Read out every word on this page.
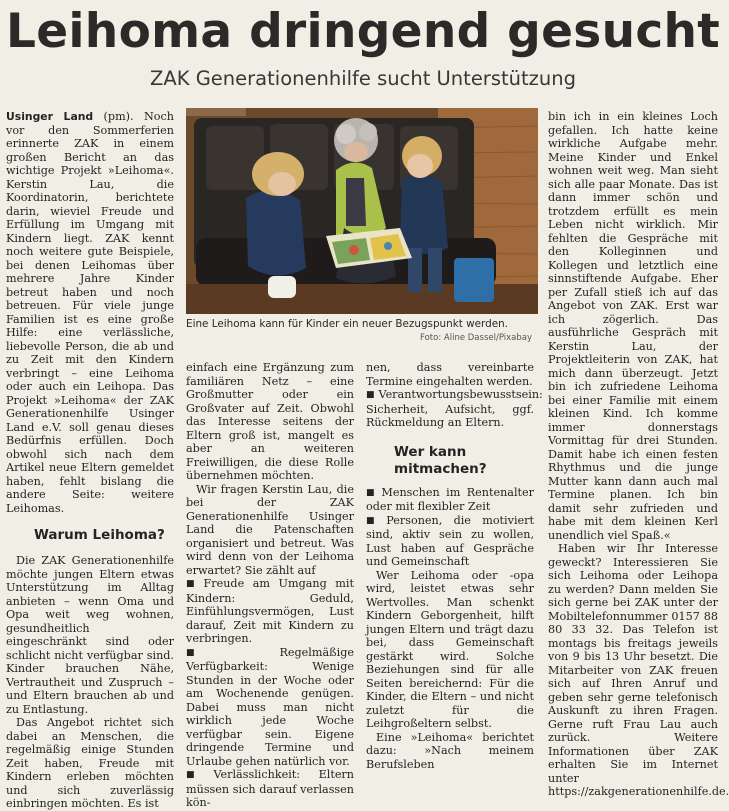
Leihoma dringend gesucht
ZAK Generationenhilfe sucht Unterstützung

Usinger Land (pm). Noch vor den Sommerferien erinnerte ZAK in einem großen Bericht an das wichtige Projekt »Leihoma«. Kerstin Lau, die Koordinatorin, berichtete darin, wieviel Freude und Erfüllung im Umgang mit Kindern liegt. ZAK kennt noch weitere gute Beispiele, bei denen Leihomas über mehrere Jahre Kinder betreut haben und noch betreuen. Für viele junge Familien ist es eine große Hilfe: eine verlässliche, liebevolle Person, die ab und zu Zeit mit den Kindern verbringt – eine Leihoma oder auch ein Leihopa. Das Projekt »Leihoma« der ZAK Generationenhilfe Usinger Land e.V. soll genau dieses Bedürfnis erfüllen. Doch obwohl sich nach dem Artikel neue Eltern gemeldet haben, fehlt bislang die andere Seite: weitere Leihomas.

Warum Leihoma?

Die ZAK Generationenhilfe möchte jungen Eltern etwas Unterstützung im Alltag anbieten – wenn Oma und Opa weit weg wohnen, gesundheitlich eingeschränkt sind oder schlicht nicht verfügbar sind. Kinder brauchen Nähe, Vertrautheit und Zuspruch – und Eltern brauchen ab und zu Entlastung.

Das Angebot richtet sich dabei an Menschen, die regelmäßig einige Stunden Zeit haben, Freude mit Kindern erleben möchten und sich zuverlässig einbringen möchten. Es ist

Eine Leihoma kann für Kinder ein neuer Bezugspunkt werden.
Foto: Aline Dassel/Pixabay

einfach eine Ergänzung zum familiären Netz – eine Großmutter oder ein Großvater auf Zeit. Obwohl das Interesse seitens der Eltern groß ist, mangelt es aber an weiteren Freiwilligen, die diese Rolle übernehmen möchten.

Wir fragen Kerstin Lau, die bei der ZAK Generationenhilfe Usinger Land die Patenschaften organisiert und betreut. Was wird denn von der Leihoma erwartet? Sie zählt auf

■ Freude am Umgang mit Kindern: Geduld, Einfühlungsvermögen, Lust darauf, Zeit mit Kindern zu verbringen.

■ Regelmäßige Verfügbarkeit: Wenige Stunden in der Woche oder am Wochenende genügen. Dabei muss man nicht wirklich jede Woche verfügbar sein. Eigene dringende Termine und Urlaube gehen natürlich vor.

■ Verlässlichkeit: Eltern müssen sich darauf verlassen kön-

nen, dass vereinbarte Termine eingehalten werden.

■ Verantwortungsbewusstsein: Sicherheit, Aufsicht, ggf. Rückmeldung an Eltern.

Wer kann mitmachen?

■ Menschen im Rentenalter oder mit flexibler Zeit

■ Personen, die motiviert sind, aktiv sein zu wollen, Lust haben auf Gespräche und Gemeinschaft

Wer Leihoma oder -opa wird, leistet etwas sehr Wertvolles. Man schenkt Kindern Geborgenheit, hilft jungen Eltern und trägt dazu bei, dass Gemeinschaft gestärkt wird. Solche Beziehungen sind für alle Seiten bereichernd: Für die Kinder, die Eltern – und nicht zuletzt für die Leihgroßeltern selbst.

Eine »Leihoma« berichtet dazu: »Nach meinem Berufsleben

bin ich in ein kleines Loch gefallen. Ich hatte keine wirkliche Aufgabe mehr. Meine Kinder und Enkel wohnen weit weg. Man sieht sich alle paar Monate. Das ist dann immer schön und trotzdem erfüllt es mein Leben nicht wirklich. Mir fehlten die Gespräche mit den Kolleginnen und Kollegen und letztlich eine sinnstiftende Aufgabe. Eher per Zufall stieß ich auf das Angebot von ZAK. Erst war ich zögerlich. Das ausführliche Gespräch mit Kerstin Lau, der Projektleiterin von ZAK, hat mich dann überzeugt. Jetzt bin ich zufriedene Leihoma bei einer Familie mit einem kleinen Kind. Ich komme immer donnerstags Vormittag für drei Stunden. Damit habe ich einen festen Rhythmus und die junge Mutter kann dann auch mal Termine planen. Ich bin damit sehr zufrieden und habe mit dem kleinen Kerl unendlich viel Spaß.«

Haben wir Ihr Interesse geweckt? Interessieren Sie sich Leihoma oder Leihopa zu werden? Dann melden Sie sich gerne bei ZAK unter der Mobiltelefonnummer 0157 88 80 33 32. Das Telefon ist montags bis freitags jeweils von 9 bis 13 Uhr besetzt. Die Mitarbeiter von ZAK freuen sich auf Ihren Anruf und geben sehr gerne telefonisch Auskunft zu ihren Fragen. Gerne ruft Frau Lau auch zurück. Weitere Informationen über ZAK erhalten Sie im Internet unter https://zakgenerationenhilfe.de.
